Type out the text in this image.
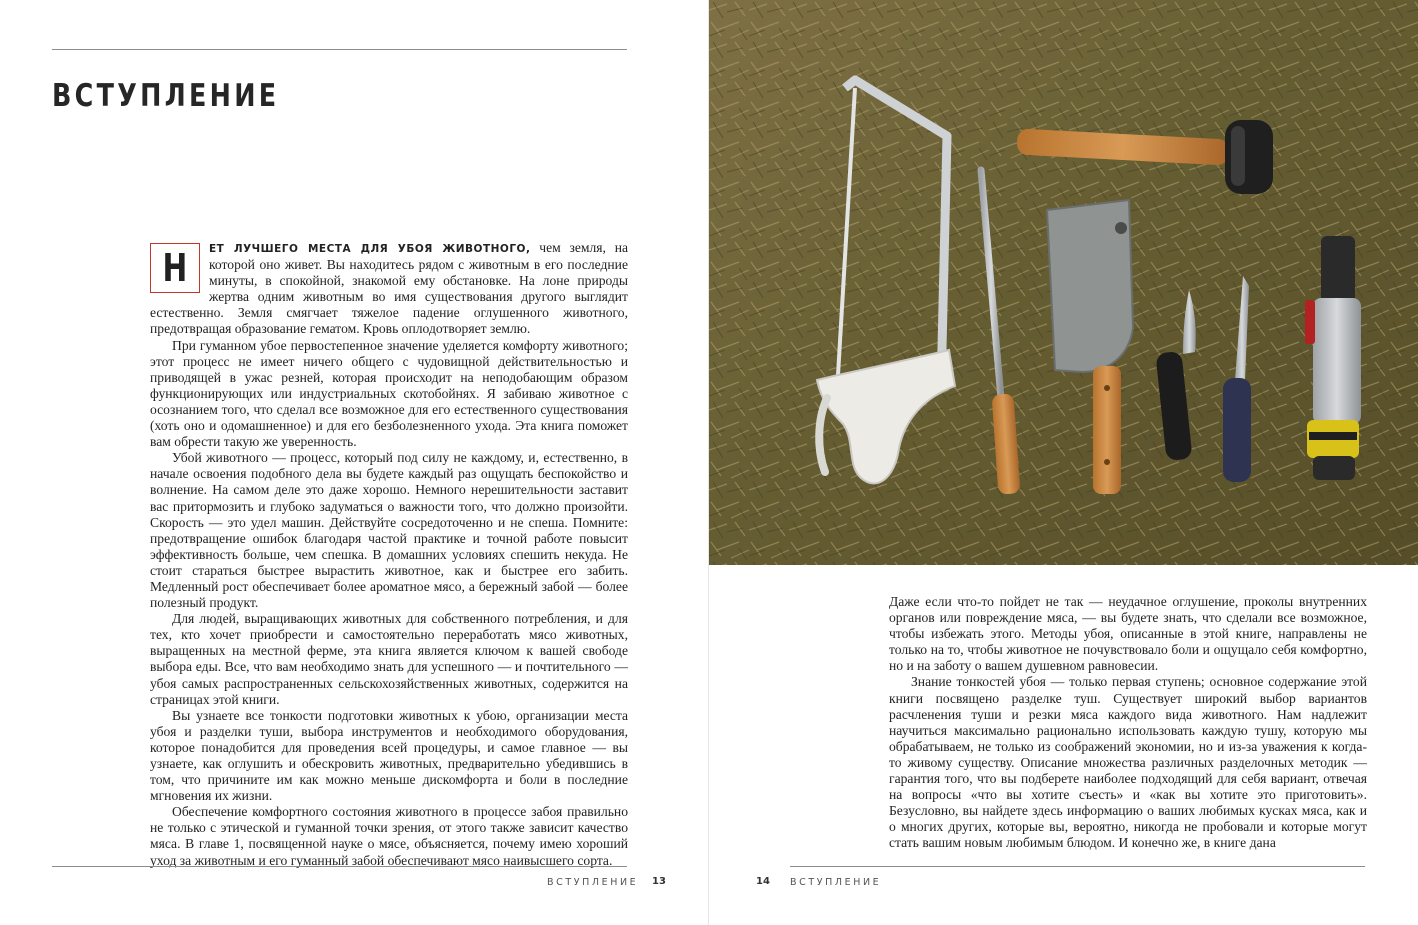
ВСТУПЛЕНИЕ

Н ЕТ ЛУЧШЕГО МЕСТА ДЛЯ УБОЯ ЖИВОТНОГО, чем земля, на которой оно живет. Вы находитесь рядом с животным в его последние минуты, в спокойной, знакомой ему обстановке. На лоне природы жертва одним животным во имя существования другого выглядит естественно. Земля смягчает тяжелое падение оглушенного животного, предотвращая образование гематом. Кровь оплодотворяет землю.

При гуманном убое первостепенное значение уделяется комфорту животного; этот процесс не имеет ничего общего с чудовищной действительностью и приводящей в ужас резней, которая происходит на неподобающим образом функционирующих или индустриальных скотобойнях. Я забиваю животное с осознанием того, что сделал все возможное для его естественного существования (хоть оно и одомашненное) и для его безболезненного ухода. Эта книга поможет вам обрести такую же уверенность.

Убой животного — процесс, который под силу не каждому, и, естественно, в начале освоения подобного дела вы будете каждый раз ощущать беспокойство и волнение. На самом деле это даже хорошо. Немного нерешительности заставит вас притормозить и глубоко задуматься о важности того, что должно произойти. Скорость — это удел машин. Действуйте сосредоточенно и не спеша. Помните: предотвращение ошибок благодаря частой практике и точной работе повысит эффективность больше, чем спешка. В домашних условиях спешить некуда. Не стоит стараться быстрее вырастить животное, как и быстрее его забить. Медленный рост обеспечивает более ароматное мясо, а бережный забой — более полезный продукт.

Для людей, выращивающих животных для собственного потребления, и для тех, кто хочет приобрести и самостоятельно переработать мясо животных, выращенных на местной ферме, эта книга является ключом к вашей свободе выбора еды. Все, что вам необходимо знать для успешного — и почтительного — убоя самых распространенных сельскохозяйственных животных, содержится на страницах этой книги.

Вы узнаете все тонкости подготовки животных к убою, организации места убоя и разделки туши, выбора инструментов и необходимого оборудования, которое понадобится для проведения всей процедуры, и самое главное — вы узнаете, как оглушить и обескровить животных, предварительно убедившись в том, что причините им как можно меньше дискомфорта и боли в последние мгновения их жизни.

Обеспечение комфортного состояния животного в процессе забоя правильно не только с этической и гуманной точки зрения, от этого также зависит качество мяса. В главе 1, посвященной науке о мясе, объясняется, почему имею хороший уход за животным и его гуманный забой обеспечивают мясо наивысшего сорта.

ВСТУПЛЕНИЕ 13

Даже если что-то пойдет не так — неудачное оглушение, проколы внутренних органов или повреждение мяса, — вы будете знать, что сделали все возможное, чтобы избежать этого. Методы убоя, описанные в этой книге, направлены не только на то, чтобы животное не почувствовало боли и ощущало себя комфортно, но и на заботу о вашем душевном равновесии.

Знание тонкостей убоя — только первая ступень; основное содержание этой книги посвящено разделке туш. Существует широкий выбор вариантов расчленения туши и резки мяса каждого вида животного. Нам надлежит научиться максимально рационально использовать каждую тушу, которую мы обрабатываем, не только из соображений экономии, но и из-за уважения к когда-то живому существу. Описание множества различных разделочных методик — гарантия того, что вы подберете наиболее подходящий для себя вариант, отвечая на вопросы «что вы хотите съесть» и «как вы хотите это приготовить». Безусловно, вы найдете здесь информацию о ваших любимых кусках мяса, как и о многих других, которые вы, вероятно, никогда не пробовали и которые могут стать вашим новым любимым блюдом. И конечно же, в книге дана

14 ВСТУПЛЕНИЕ
